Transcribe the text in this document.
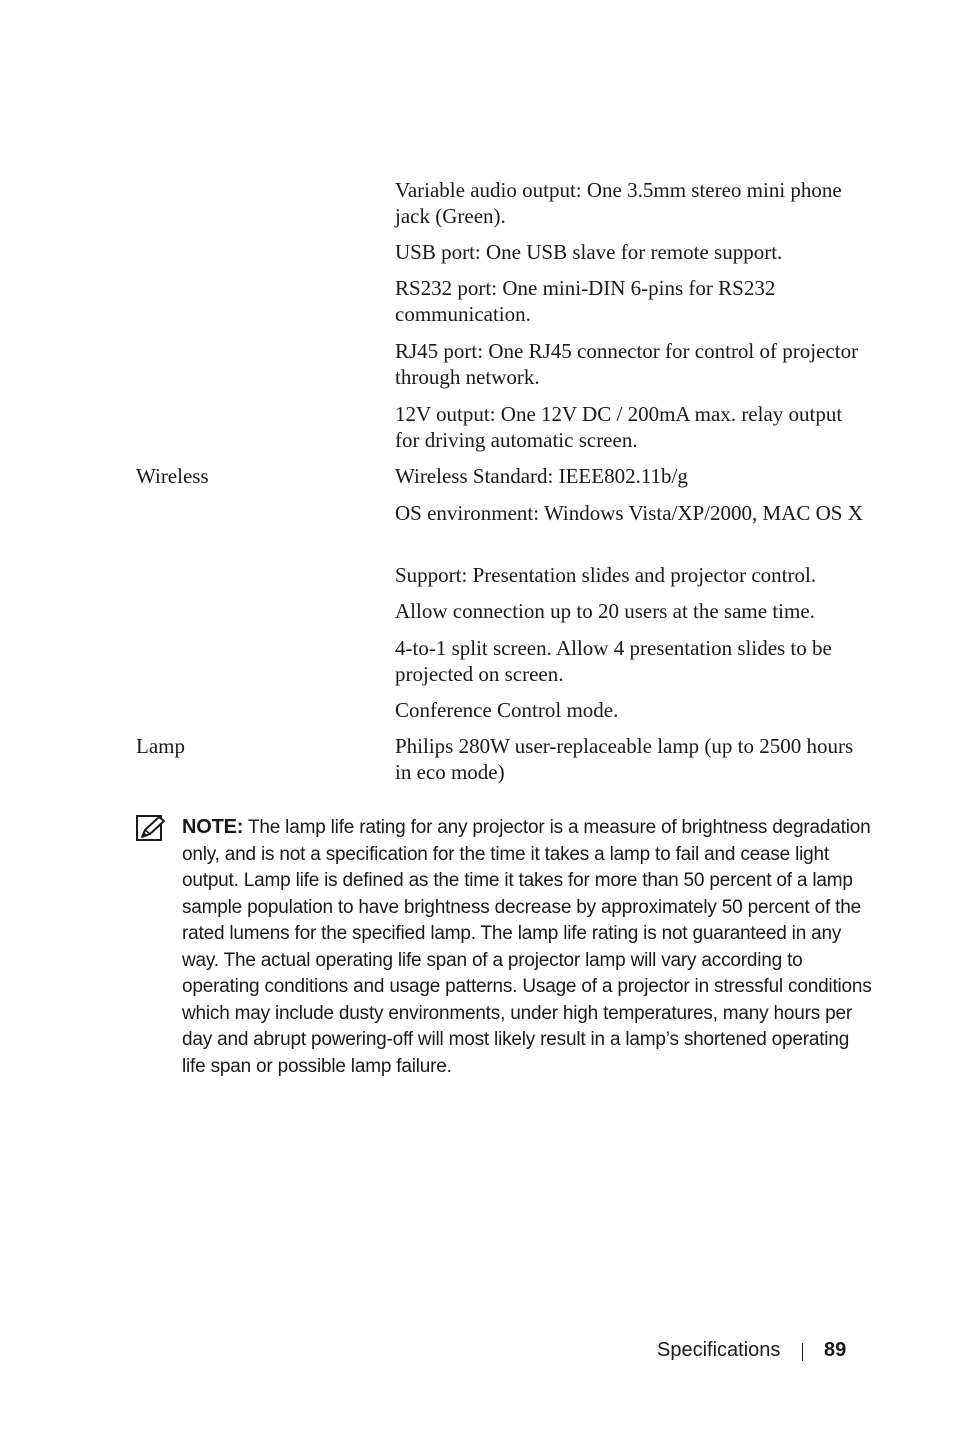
Variable audio output: One 3.5mm stereo mini phone jack (Green).
USB port: One USB slave for remote support.
RS232 port: One mini-DIN 6-pins for RS232 communication.
RJ45 port: One RJ45 connector for control of projector through network.
12V output: One 12V DC / 200mA max. relay output for driving automatic screen.
Wireless	Wireless Standard: IEEE802.11b/g
OS environment: Windows Vista/XP/2000, MAC OS X
Support: Presentation slides and projector control.
Allow connection up to 20 users at the same time.
4-to-1 split screen. Allow 4 presentation slides to be projected on screen.
Conference Control mode.
Lamp	Philips 280W user-replaceable lamp (up to 2500 hours in eco mode)
NOTE: The lamp life rating for any projector is a measure of brightness degradation only, and is not a specification for the time it takes a lamp to fail and cease light output. Lamp life is defined as the time it takes for more than 50 percent of a lamp sample population to have brightness decrease by approximately 50 percent of the rated lumens for the specified lamp. The lamp life rating is not guaranteed in any way. The actual operating life span of a projector lamp will vary according to operating conditions and usage patterns. Usage of a projector in stressful conditions which may include dusty environments, under high temperatures, many hours per day and abrupt powering-off will most likely result in a lamp’s shortened operating life span or possible lamp failure.
Specifications 89
